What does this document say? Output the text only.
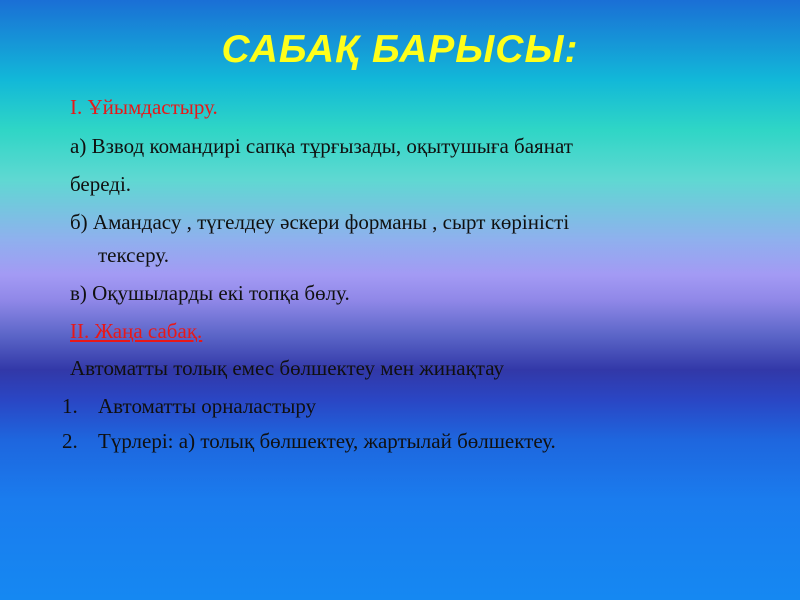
САБАҚ БАРЫСЫ:
I. Ұйымдастыру.
а) Взвод командирі сапқа тұрғызады, оқытушыға баянат
береді.
б) Амандасу , түгелдеу әскери форманы , сырт көріністі
тексеру.
в) Оқушыларды екі топқа бөлу.
II. Жаңа сабақ.
Автоматты толық емес бөлшектеу мен жинақтау
1. Автоматты орналастыру
2. Түрлері: а) толық бөлшектеу, жартылай бөлшектеу.
